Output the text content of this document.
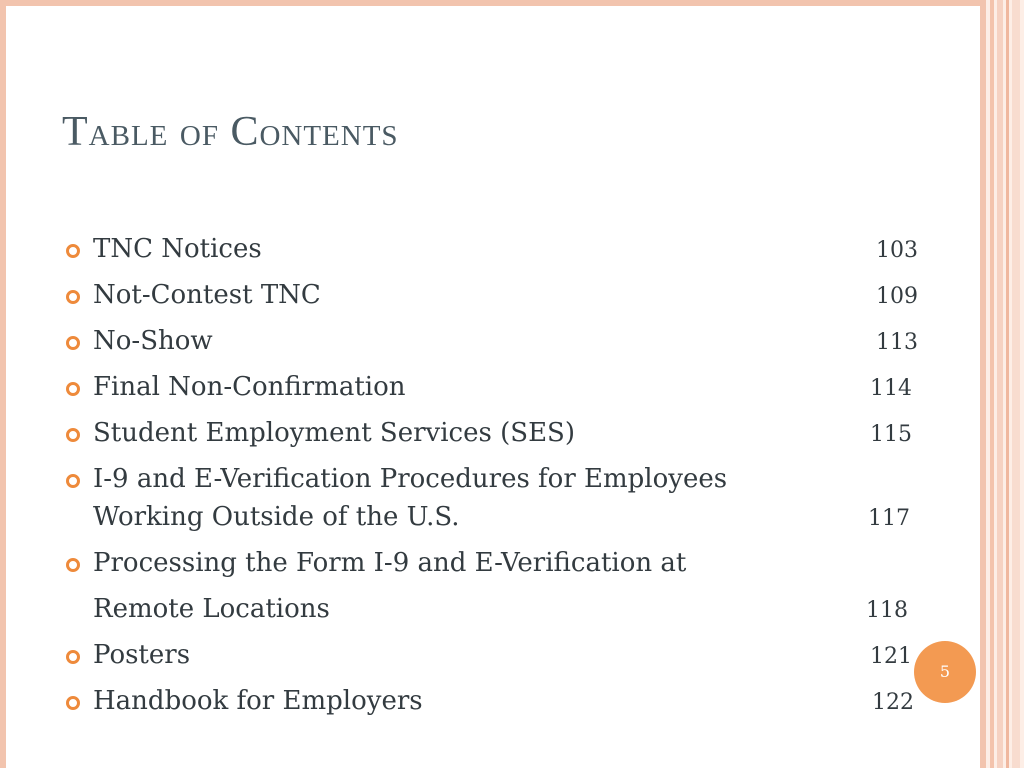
Table of Contents
TNC Notices	103
Not-Contest TNC	109
No-Show	113
Final Non-Confirmation	114
Student Employment Services (SES)	115
I-9 and E-Verification Procedures for Employees
Working Outside of the U.S.	117
Processing the Form I-9 and E-Verification at
Remote Locations	118
Posters	121
Handbook for Employers	122
5
